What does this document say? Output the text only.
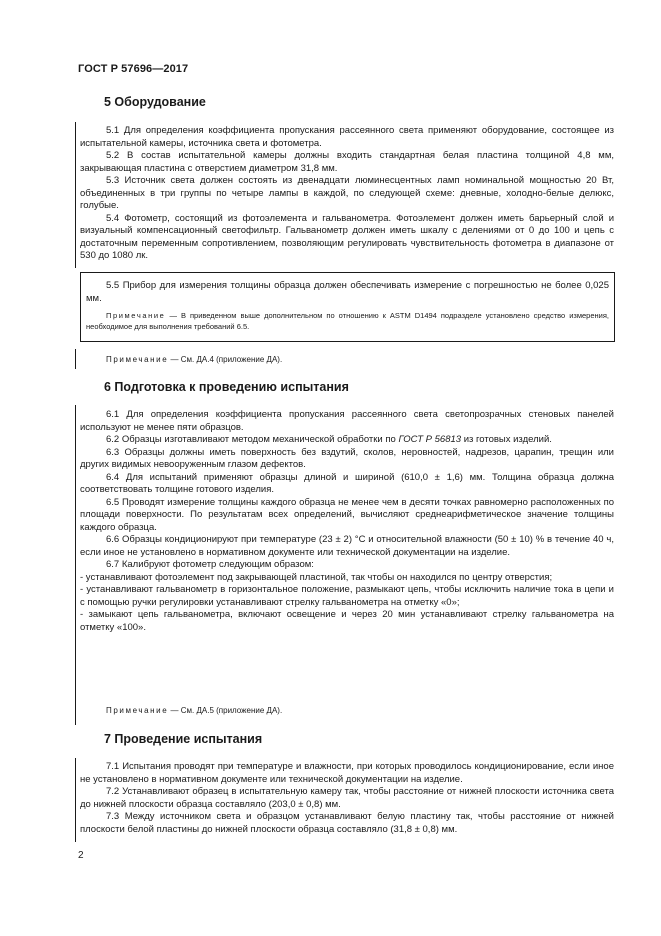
ГОСТ Р 57696—2017
5 Оборудование

5.1 Для определения коэффициента пропускания рассеянного света применяют оборудование, состоящее из испытательной камеры, источника света и фотометра.

5.2 В состав испытательной камеры должны входить стандартная белая пластина толщиной 4,8 мм, закрывающая пластина с отверстием диаметром 31,8 мм.

5.3 Источник света должен состоять из двенадцати люминесцентных ламп номинальной мощностью 20 Вт, объединенных в три группы по четыре лампы в каждой, по следующей схеме: дневные, холодно-белые делюкс, голубые.

5.4 Фотометр, состоящий из фотоэлемента и гальванометра. Фотоэлемент должен иметь барьерный слой и визуальный компенсационный светофильтр. Гальванометр должен иметь шкалу с делениями от 0 до 100 и цепь с достаточным переменным сопротивлением, позволяющим регулировать чувствительность фотометра в диапазоне от 530 до 1080 лк.

5.5 Прибор для измерения толщины образца должен обеспечивать измерение с погрешностью не более 0,025 мм.

Примечание — В приведенном выше дополнительном по отношению к ASTM D1494 подразделе установлено средство измерения, необходимое для выполнения требований 6.5.

Примечание — См. ДА.4 (приложение ДА).
6 Подготовка к проведению испытания

6.1 Для определения коэффициента пропускания рассеянного света светопрозрачных стеновых панелей используют не менее пяти образцов.

6.2 Образцы изготавливают методом механической обработки по ГОСТ Р 56813 из готовых изделий.

6.3 Образцы должны иметь поверхность без вздутий, сколов, неровностей, надрезов, царапин, трещин или других видимых невооруженным глазом дефектов.

6.4 Для испытаний применяют образцы длиной и шириной (610,0 ± 1,6) мм. Толщина образца должна соответствовать толщине готового изделия.

6.5 Проводят измерение толщины каждого образца не менее чем в десяти точках равномерно расположенных по площади поверхности. По результатам всех определений, вычисляют среднеарифметическое значение толщины каждого образца.

6.6 Образцы кондиционируют при температуре (23 ± 2) °С и относительной влажности (50 ± 10) % в течение 40 ч, если иное не установлено в нормативном документе или технической документации на изделие.

6.7 Калибруют фотометр следующим образом:

- устанавливают фотоэлемент под закрывающей пластиной, так чтобы он находился по центру отверстия;

- устанавливают гальванометр в горизонтальное положение, размыкают цепь, чтобы исключить наличие тока в цепи и с помощью ручки регулировки устанавливают стрелку гальванометра на отметку «0»;

- замыкают цепь гальванометра, включают освещение и через 20 мин устанавливают стрелку гальванометра на отметку «100».

Примечание — См. ДА.5 (приложение ДА).
7 Проведение испытания

7.1 Испытания проводят при температуре и влажности, при которых проводилось кондиционирование, если иное не установлено в нормативном документе или технической документации на изделие.

7.2 Устанавливают образец в испытательную камеру так, чтобы расстояние от нижней плоскости источника света до нижней плоскости образца составляло (203,0 ± 0,8) мм.

7.3 Между источником света и образцом устанавливают белую пластину так, чтобы расстояние от нижней плоскости белой пластины до нижней плоскости образца составляло (31,8 ± 0,8) мм.

2
